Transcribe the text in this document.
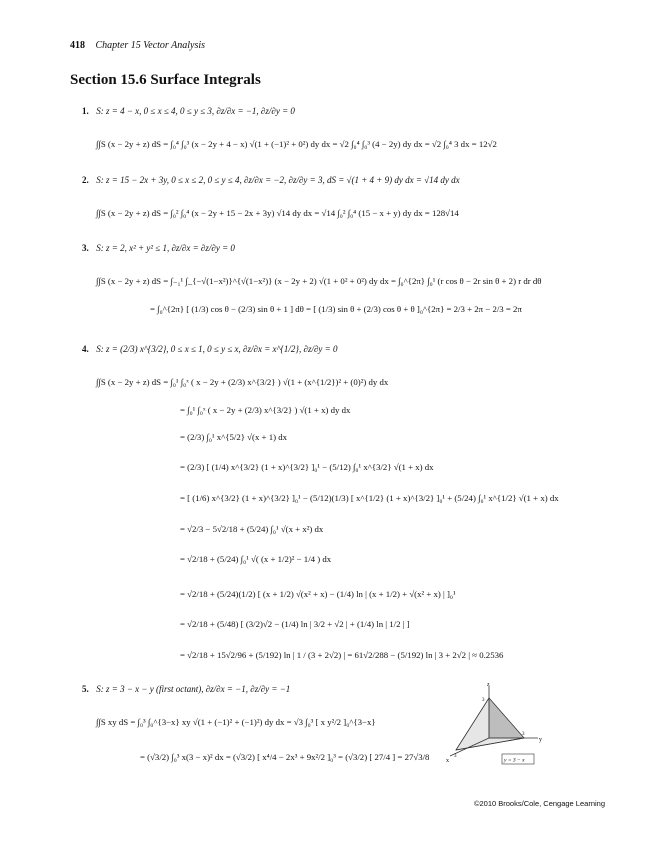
418 Chapter 15 Vector Analysis
Section 15.6 Surface Integrals
1. S: z = 4 − x, 0 ≤ x ≤ 4, 0 ≤ y ≤ 3, ∂z/∂x = −1, ∂z/∂y = 0
∫∫S (x − 2y + z) dS = ∫₀⁴ ∫₀³ (x − 2y + 4 − x) √(1 + (−1)² + 0²) dy dx = √2 ∫₀⁴ ∫₀³ (4 − 2y) dy dx = √2 ∫₀⁴ 3 dx = 12√2
2. S: z = 15 − 2x + 3y, 0 ≤ x ≤ 2, 0 ≤ y ≤ 4, ∂z/∂x = −2, ∂z/∂y = 3, dS = √(1 + 4 + 9) dy dx = √14 dy dx
∫∫S (x − 2y + z) dS = ∫₀² ∫₀⁴ (x − 2y + 15 − 2x + 3y) √14 dy dx = √14 ∫₀² ∫₀⁴ (15 − x + y) dy dx = 128√14
3. S: z = 2, x² + y² ≤ 1, ∂z/∂x = ∂z/∂y = 0
∫∫S (x − 2y + z) dS = ∫₋₁¹ ∫_{−√(1−x²)}^{√(1−x²)} (x − 2y + 2) √(1 + 0² + 0²) dy dx = ∫₀^{2π} ∫₀¹ (r cos θ − 2r sin θ + 2) r dr dθ
= ∫₀^{2π} [ (1/3) cos θ − (2/3) sin θ + 1 ] dθ = [ (1/3) sin θ + (2/3) cos θ + θ ]₀^{2π} = 2/3 + 2π − 2/3 = 2π
4. S: z = (2/3) x^{3/2}, 0 ≤ x ≤ 1, 0 ≤ y ≤ x, ∂z/∂x = x^{1/2}, ∂z/∂y = 0
∫∫S (x − 2y + z) dS = ∫₀¹ ∫₀ˣ ( x − 2y + (2/3) x^{3/2} ) √(1 + (x^{1/2})² + (0)²) dy dx
= ∫₀¹ ∫₀ˣ ( x − 2y + (2/3) x^{3/2} ) √(1 + x) dy dx
= (2/3) ∫₀¹ x^{5/2} √(x + 1) dx
= (2/3) [ (1/4) x^{3/2} (1 + x)^{3/2} ]₀¹ − (5/12) ∫₀¹ x^{3/2} √(1 + x) dx
= [ (1/6) x^{3/2} (1 + x)^{3/2} ]₀¹ − (5/12)(1/3) [ x^{1/2} (1 + x)^{3/2} ]₀¹ + (5/24) ∫₀¹ x^{1/2} √(1 + x) dx
= √2/3 − 5√2/18 + (5/24) ∫₀¹ √(x + x²) dx
= √2/18 + (5/24) ∫₀¹ √( (x + 1/2)² − 1/4 ) dx
= √2/18 + (5/24)(1/2) [ (x + 1/2) √(x² + x) − (1/4) ln | (x + 1/2) + √(x² + x) | ]₀¹
= √2/18 + (5/48) [ (3/2)√2 − (1/4) ln | 3/2 + √2 | + (1/4) ln | 1/2 | ]
= √2/18 + 15√2/96 + (5/192) ln | 1 / (3 + 2√2) | = 61√2/288 − (5/192) ln | 3 + 2√2 | ≈ 0.2536
5. S: z = 3 − x − y (first octant), ∂z/∂x = −1, ∂z/∂y = −1
∫∫S xy dS = ∫₀³ ∫₀^{3−x} xy √(1 + (−1)² + (−1)²) dy dx = √3 ∫₀³ [ x y²/2 ]₀^{3−x}
= (√3/2) ∫₀³ x(3 − x)² dx = (√3/2) [ x⁴/4 − 2x³ + 9x²/2 ]₀³ = (√3/2) [ 27/4 ] = 27√3/8
z
y
x
3
3
3
y = 3 − x
©2010 Brooks/Cole, Cengage Learning
